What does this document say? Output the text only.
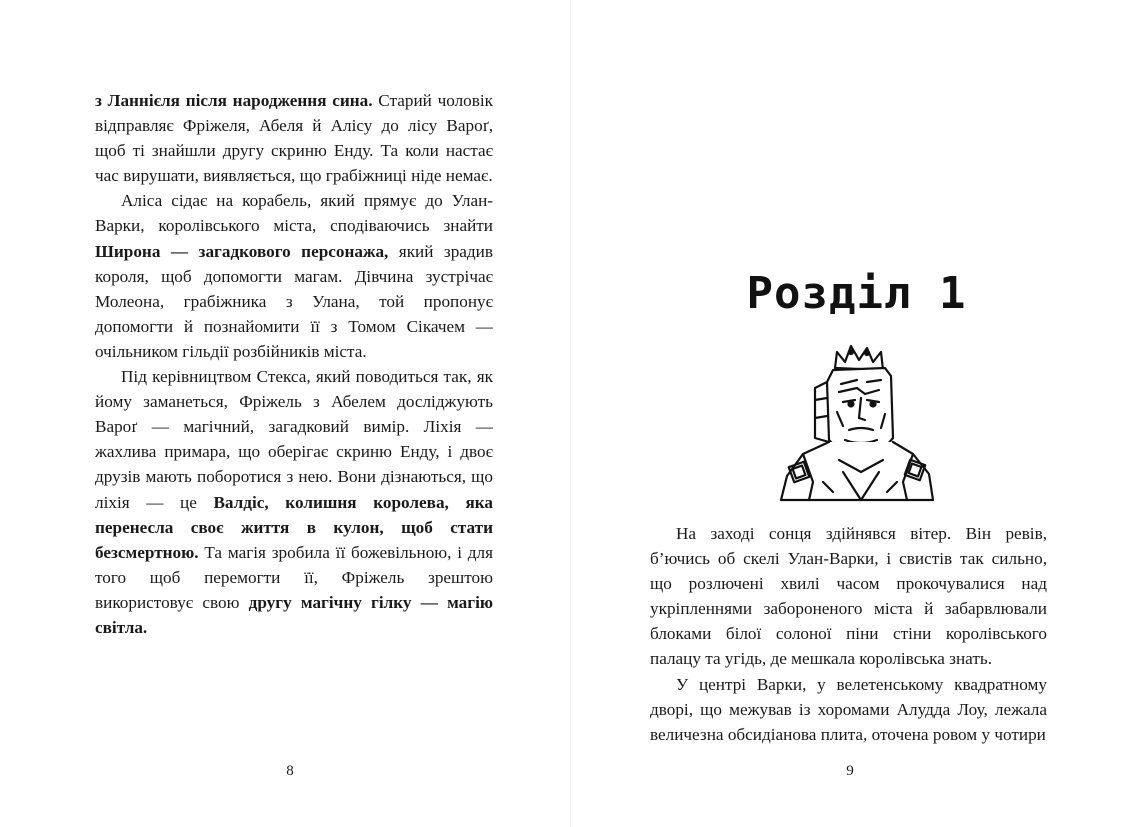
з Ланнієля після народження сина. Старий чоловік відправляє Фріжеля, Абеля й Алісу до лісу Вароґ, щоб ті знайшли другу скриню Енду. Та коли настає час вирушати, виявляється, що грабіжниці ніде немає.

Аліса сідає на корабель, який прямує до Улан-Варки, королівського міста, сподіваючись знайти Широна — загадкового персонажа, який зрадив короля, щоб допомогти магам. Дівчина зустрічає Молеона, грабіжника з Улана, той пропонує допомогти й познайомити її з Томом Сікачем — очільником гільдії розбійників міста.

Під керівництвом Стекса, який поводиться так, як йому заманеться, Фріжель з Абелем досліджують Вароґ — магічний, загадковий вимір. Ліхія — жахлива примара, що оберігає скриню Енду, і двоє друзів мають поборотися з нею. Вони дізнаються, що ліхія — це Валдіс, колишня королева, яка перенесла своє життя в кулон, щоб стати безсмертною. Та магія зробила її божевільною, і для того щоб перемогти її, Фріжель зрештою використовує свою другу магічну гілку — магію світла.

8
Розділ 1

На заході сонця здійнявся вітер. Він ревів, б’ючись об скелі Улан-Варки, і свистів так сильно, що розлючені хвилі часом прокочувалися над укріпленнями забороненого міста й забарвлювали блоками білої солоної піни стіни королівського палацу та угідь, де мешкала королівська знать.

У центрі Варки, у велетенському квадратному дворі, що межував із хоромами Алудда Лоу, лежала величезна обсидіанова плита, оточена ровом у чотири

9
